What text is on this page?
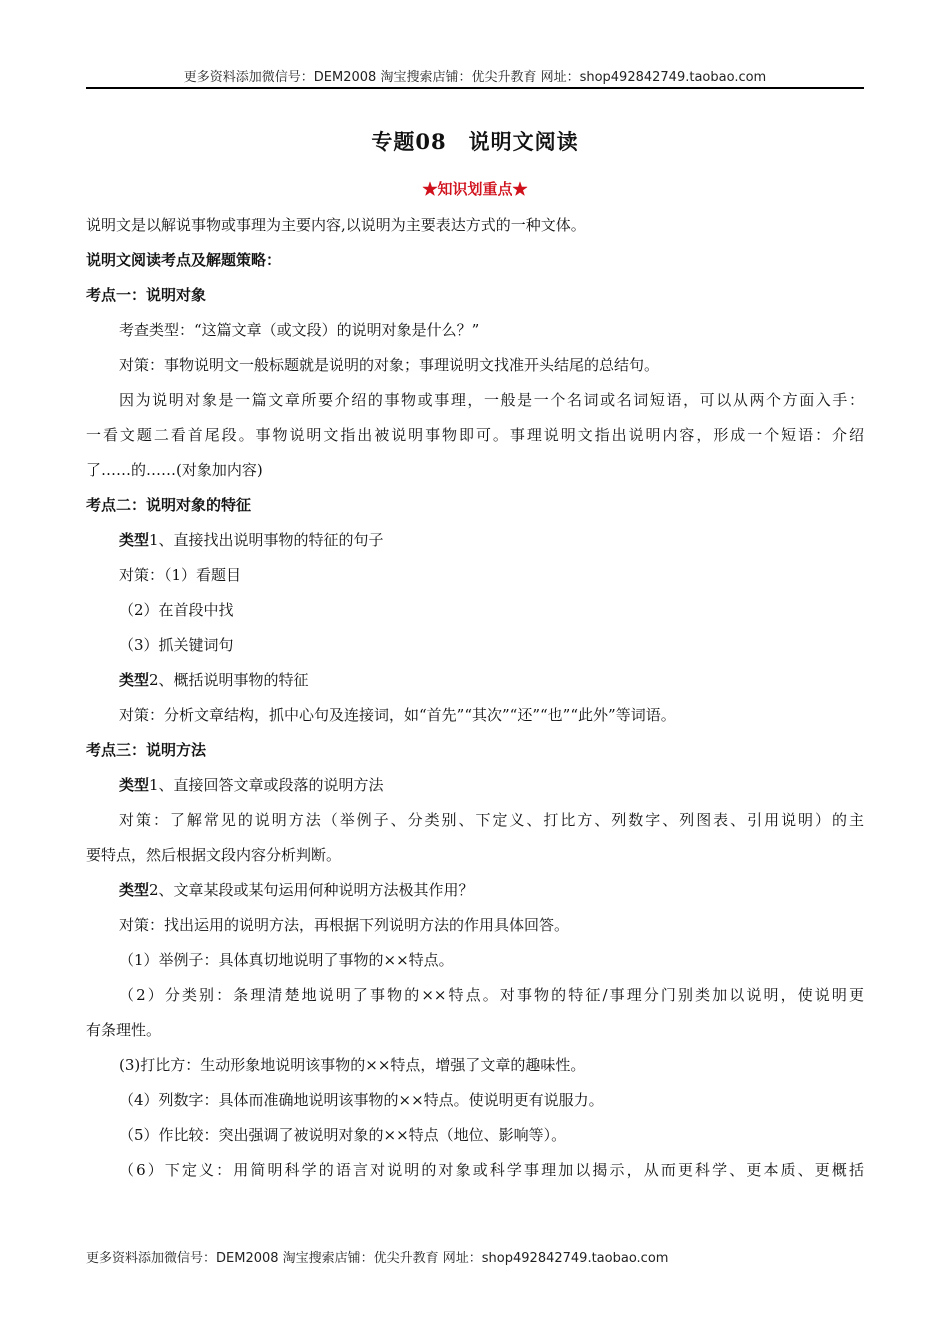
更多资料添加微信号：DEM2008 淘宝搜索店铺：优尖升教育 网址：shop492842749.taobao.com
专题08 说明文阅读
★知识划重点★
说明文是以解说事物或事理为主要内容,以说明为主要表达方式的一种文体。
说明文阅读考点及解题策略：
考点一：说明对象
考查类型：“这篇文章（或文段）的说明对象是什么？”
对策：事物说明文一般标题就是说明的对象；事理说明文找准开头结尾的总结句。
因为说明对象是一篇文章所要介绍的事物或事理，一般是一个名词或名词短语，可以从两个方面入手：
一看文题二看首尾段。事物说明文指出被说明事物即可。事理说明文指出说明内容，形成一个短语：介绍
了……的……(对象加内容)
考点二：说明对象的特征
类型1、直接找出说明事物的特征的句子
对策：（1）看题目
（2）在首段中找
（3）抓关键词句
类型2、概括说明事物的特征
对策：分析文章结构，抓中心句及连接词，如“首先”“其次”“还”“也”“此外”等词语。
考点三：说明方法
类型1、直接回答文章或段落的说明方法
对策：了解常见的说明方法（举例子、分类别、下定义、打比方、列数字、列图表、引用说明）的主
要特点，然后根据文段内容分析判断。
类型2、文章某段或某句运用何种说明方法极其作用？
对策：找出运用的说明方法，再根据下列说明方法的作用具体回答。
（1）举例子：具体真切地说明了事物的××特点。
（2）分类别：条理清楚地说明了事物的××特点。对事物的特征/事理分门别类加以说明，使说明更
有条理性。
(3)打比方：生动形象地说明该事物的××特点，增强了文章的趣味性。
（4）列数字：具体而准确地说明该事物的××特点。使说明更有说服力。
（5）作比较：突出强调了被说明对象的××特点（地位、影响等）。
（6）下定义：用简明科学的语言对说明的对象或科学事理加以揭示，从而更科学、更本质、更概括
更多资料添加微信号：DEM2008 淘宝搜索店铺：优尖升教育 网址：shop492842749.taobao.com
